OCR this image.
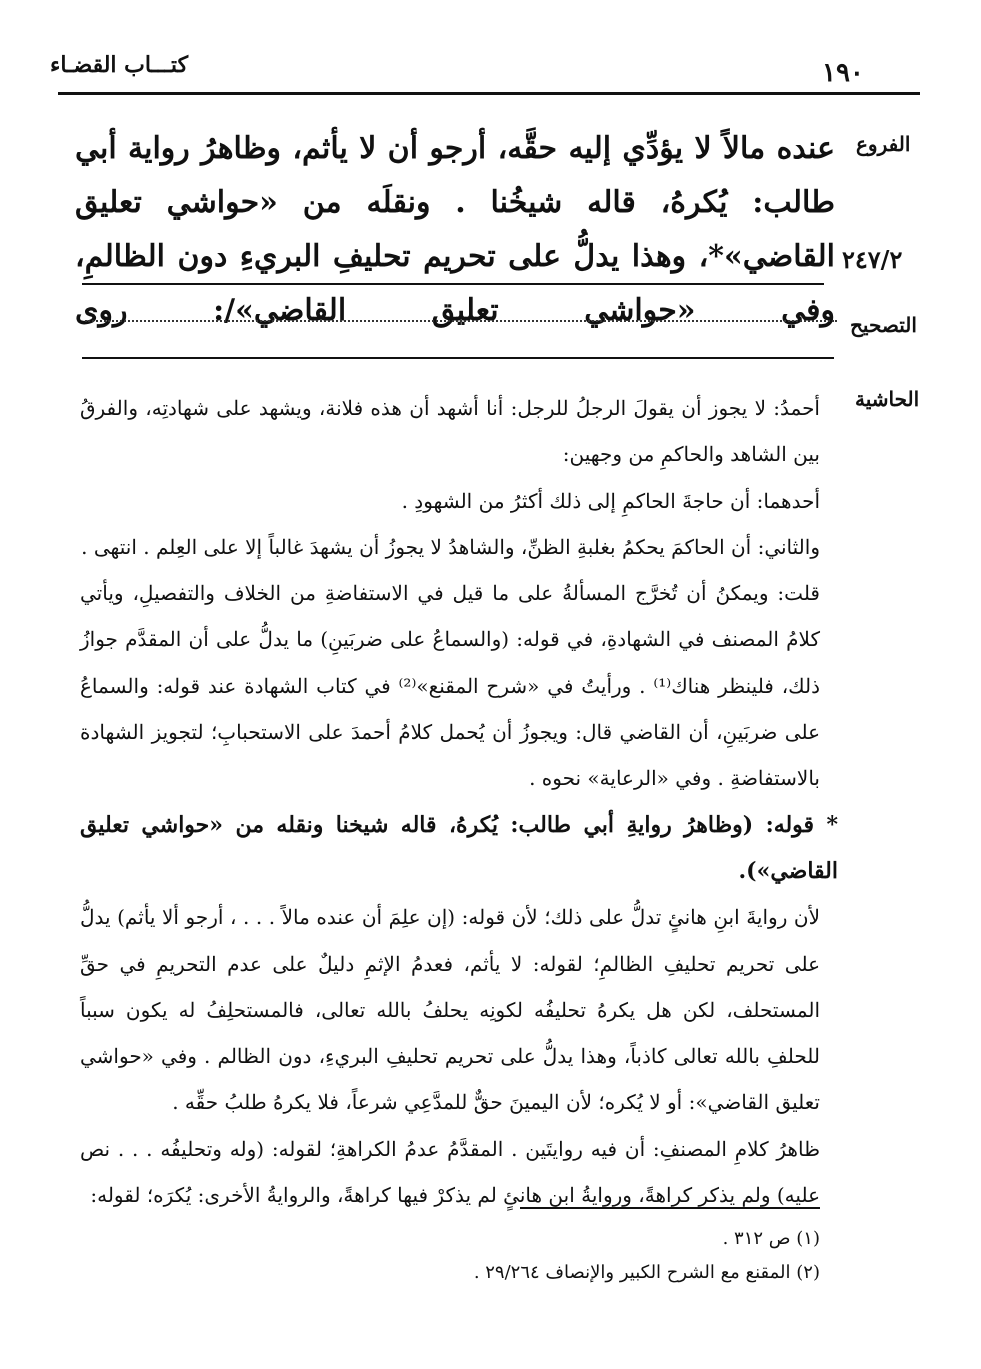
كتـــاب القضـاء	١٩٠
الفروع
٢٤٧/٢
عنده مالاً لا يؤدِّي إليه حقَّه، أرجو أن لا يأثم، وظاهرُ رواية أبي طالب: يُكرهُ، قاله شيخُنا . ونقلَه من «حواشي تعليق القاضي»*، وهذا يدلُّ على تحريم تحليفِ البريءِ دون الظالمِ، وفي «حواشي تعليق القاضي»/: روى التصحيح
الحاشية

أحمدُ: لا يجوز أن يقولَ الرجلُ للرجل: أنا أشهد أن هذه فلانة، ويشهد على شهادتِه، والفرقُ بين الشاهد والحاكمِ من وجهين:

أحدهما: أن حاجةَ الحاكمِ إلى ذلك أكثرُ من الشهودِ .

والثاني: أن الحاكمَ يحكمُ بغلبةِ الظنِّ، والشاهدُ لا يجوزُ أن يشهدَ غالباً إلا على العِلم . انتهى .

قلت: ويمكنُ أن تُخرَّج المسألةُ على ما قيل في الاستفاضةِ من الخلاف والتفصيلِ، ويأتي كلامُ المصنف في الشهادةِ، في قوله: (والسماعُ على ضربَينِ) ما يدلُّ على أن المقدَّم جوازُ ذلك، فلينظر هناك⁽¹⁾ . ورأيتُ في «شرح المقنع»⁽²⁾ في كتاب الشهادة عند قوله: والسماعُ على ضربَينِ، أن القاضي قال: ويجوزُ أن يُحمل كلامُ أحمدَ على الاستحبابِ؛ لتجويز الشهادة بالاستفاضةِ . وفي «الرعاية» نحوه .

* قوله: (وظاهرُ روايةِ أبي طالب: يُكرهُ، قاله شيخنا ونقله من «حواشي تعليق القاضي»).

لأن روايةَ ابنِ هانئٍ تدلُّ على ذلك؛ لأن قوله: (إن علِمَ أن عنده مالاً . . . ، أرجو ألا يأثم) يدلُّ على تحريم تحليفِ الظالمِ؛ لقوله: لا يأثم، فعدمُ الإثمِ دليلٌ على عدم التحريمِ في حقِّ المستحلف، لكن هل يكرهُ تحليفُه لكونِه يحلفُ بالله تعالى، فالمستحلِفُ له يكون سبباً للحلفِ بالله تعالى كاذباً، وهذا يدلُّ على تحريم تحليفِ البريءِ، دون الظالم . وفي «حواشي تعليق القاضي»: أو لا يُكره؛ لأن اليمينَ حقٌّ للمدَّعِي شرعاً، فلا يكرهُ طلبُ حقِّه .

ظاهرُ كلامِ المصنفِ: أن فيه روايتَين . المقدَّمُ عدمُ الكراهةِ؛ لقوله: (وله وتحليفُه . . . نص عليه) ولم يذكر كراهةً، وروايةُ ابن هانئٍ لم يذكرْ فيها كراهةً، والروايةُ الأخرى: يُكرَه؛ لقوله:

(١) ص ٣١٢ .

(٢) المقنع مع الشرح الكبير والإنصاف ٢٩/٢٦٤ .
